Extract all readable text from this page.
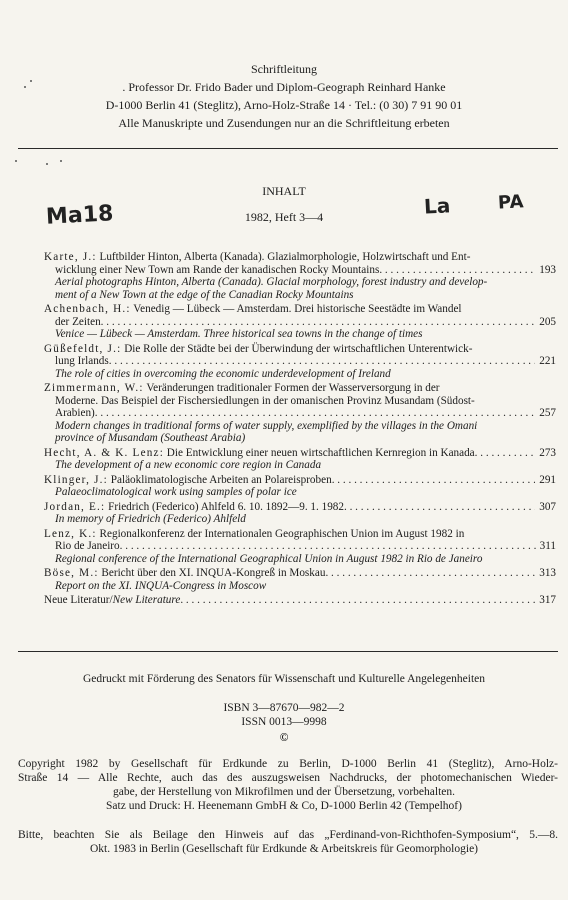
Schriftleitung
. Professor Dr. Frido Bader und Diplom-Geograph Reinhard Hanke
D-1000 Berlin 41 (Steglitz), Arno-Holz-Straße 14 · Tel.: (0 30) 7 91 90 01
Alle Manuskripte und Zusendungen nur an die Schriftleitung erbeten
INHALT
1982, Heft 3—4
Ma18	La	PA
Karte, J.: Luftbilder Hinton, Alberta (Kanada). Glazialmorphologie, Holzwirtschaft und Ent-
wicklung einer New Town am Rande der kanadischen Rocky Mountains . . .	193
Aerial photographs Hinton, Alberta (Canada). Glacial morphology, forest industry and develop-
ment of a New Town at the edge of the Canadian Rocky Mountains
Achenbach, H.: Venedig — Lübeck — Amsterdam. Drei historische Seestädte im Wandel
der Zeiten . . .	205
Venice — Lübeck — Amsterdam. Three historical sea towns in the change of times
Güßefeldt, J.: Die Rolle der Städte bei der Überwindung der wirtschaftlichen Unterentwick-
lung Irlands . . .	221
The role of cities in overcoming the economic underdevelopment of Ireland
Zimmermann, W.: Veränderungen traditionaler Formen der Wasserversorgung in der
Moderne. Das Beispiel der Fischersiedlungen in der omanischen Provinz Musandam (Südost-
Arabien) . . .	257
Modern changes in traditional forms of water supply, exemplified by the villages in the Omani
province of Musandam (Southeast Arabia)
Hecht, A. & K. Lenz: Die Entwicklung einer neuen wirtschaftlichen Kernregion in Kanada . . .	273
The development of a new economic core region in Canada
Klinger, J.: Paläoklimatologische Arbeiten an Polareisproben . . .	291
Palaeoclimatological work using samples of polar ice
Jordan, E.: Friedrich (Federico) Ahlfeld 6. 10. 1892—9. 1. 1982 . . .	307
In memory of Friedrich (Federico) Ahlfeld
Lenz, K.: Regionalkonferenz der Internationalen Geographischen Union im August 1982 in
Rio de Janeiro . . .	311
Regional conference of the International Geographical Union in August 1982 in Rio de Janeiro
Böse, M.: Bericht über den XI. INQUA-Kongreß in Moskau . . .	313
Report on the XI. INQUA-Congress in Moscow
Neue Literatur/New Literature . . .	317
Gedruckt mit Förderung des Senators für Wissenschaft und Kulturelle Angelegenheiten
ISBN 3—87670—982—2
ISSN 0013—9998
©
Copyright 1982 by Gesellschaft für Erdkunde zu Berlin, D-1000 Berlin 41 (Steglitz), Arno-Holz-
Straße 14 — Alle Rechte, auch das des auszugsweisen Nachdrucks, der photomechanischen Wieder-
gabe, der Herstellung von Mikrofilmen und der Übersetzung, vorbehalten.
Satz und Druck: H. Heenemann GmbH & Co, D-1000 Berlin 42 (Tempelhof)
Bitte, beachten Sie als Beilage den Hinweis auf das „Ferdinand-von-Richthofen-Symposium“, 5.—8.
Okt. 1983 in Berlin (Gesellschaft für Erdkunde & Arbeitskreis für Geomorphologie)
